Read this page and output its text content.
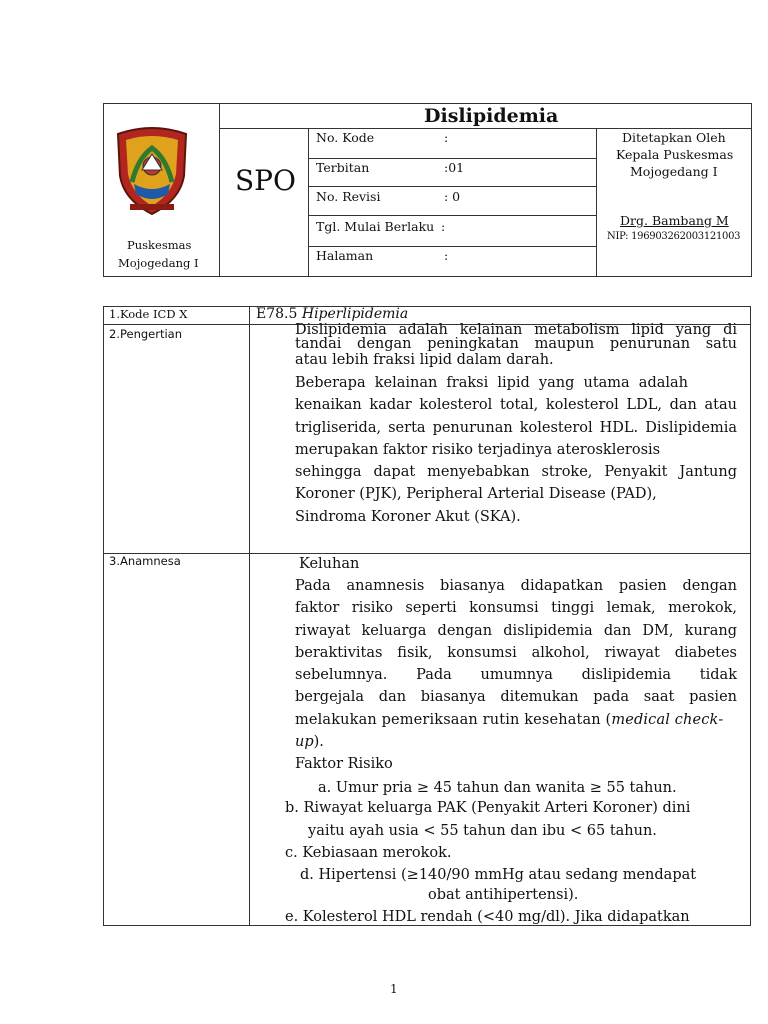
Puskesmas
Mojogedang I
Dislipidemia
SPO
No. Kode	:
Terbitan	:01
No. Revisi	: 0
Tgl. Mulai Berlaku :
Halaman	:
Ditetapkan Oleh
Kepala Puskesmas
Mojogedang I
Drg. Bambang M
NIP: 196903262003121003
1.Kode ICD X	E78.5 Hiperlipidemia
2.Pengertian	Dislipidemia adalah kelainan metabolism lipid yang di
tandai dengan peningkatan maupun penurunan satu
atau lebih fraksi lipid dalam darah.
Beberapa kelainan fraksi lipid yang utama adalah
kenaikan kadar kolesterol total, kolesterol LDL, dan atau
trigliserida, serta penurunan kolesterol HDL. Dislipidemia
merupakan faktor risiko terjadinya aterosklerosis
sehingga dapat menyebabkan stroke, Penyakit Jantung
Koroner (PJK), Peripheral Arterial Disease (PAD),
Sindroma Koroner Akut (SKA).
3.Anamnesa	Keluhan
Pada anamnesis biasanya didapatkan pasien dengan
faktor risiko seperti konsumsi tinggi lemak, merokok,
riwayat keluarga dengan dislipidemia dan DM, kurang
beraktivitas fisik, konsumsi alkohol, riwayat diabetes
sebelumnya. Pada umumnya dislipidemia tidak
bergejala dan biasanya ditemukan pada saat pasien
melakukan pemeriksaan rutin kesehatan (medical check-
up).
Faktor Risiko
a. Umur pria ≥ 45 tahun dan wanita ≥ 55 tahun.
b. Riwayat keluarga PAK (Penyakit Arteri Koroner) dini
yaitu ayah usia < 55 tahun dan ibu < 65 tahun.
c. Kebiasaan merokok.
d. Hipertensi (≥140/90 mmHg atau sedang mendapat
obat antihipertensi).
e. Kolesterol HDL rendah (<40 mg/dl). Jika didapatkan
1
